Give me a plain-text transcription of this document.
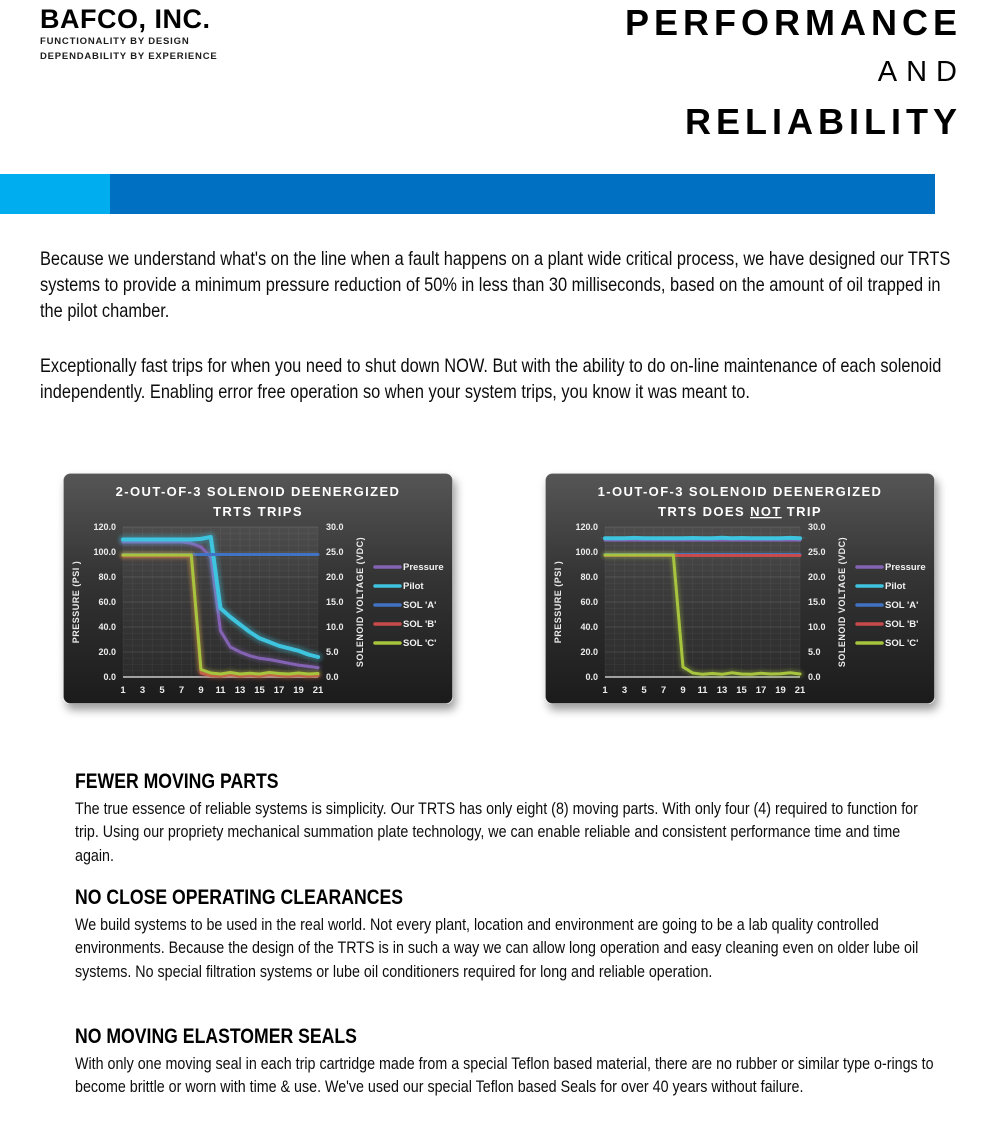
BAFCO, INC.
FUNCTIONALITY BY DESIGN
DEPENDABILITY BY EXPERIENCE
PERFORMANCE
AND
RELIABILITY
Because we understand what's on the line when a fault happens on a plant wide critical process, we have designed our TRTS systems to provide a minimum pressure reduction of 50% in less than 30 milliseconds, based on the amount of oil trapped in the pilot chamber.
Exceptionally fast trips for when you need to shut down NOW. But with the ability to do on-line maintenance of each solenoid independently. Enabling error free operation so when your system trips, you know it was meant to.
2-OUT-OF-3 SOLENOID DEENERGIZED
TRTS TRIPS
120.0
100.0
80.0
60.0
40.0
20.0
0.0
30.0
25.0
20.0
15.0
10.0
5.0
0.0
1 3 5 7 9 11 13 15 17 19 21
PRESSURE (PSI )	SOLENOID VOLTAGE (VDC)	Pressure
Pilot
SOL 'A'
SOL 'B'
SOL 'C'
1-OUT-OF-3 SOLENOID DEENERGIZED
TRTS DOES NOT TRIP
120.0
100.0
80.0
60.0
40.0
20.0
0.0
30.0
25.0
20.0
15.0
10.0
5.0
0.0
1 3 5 7 9 11 13 15 17 19 21
PRESSURE (PSI )	SOLENOID VOLTAGE (VDC)	Pressure
Pilot
SOL 'A'
SOL 'B'
SOL 'C'
FEWER MOVING PARTS
The true essence of reliable systems is simplicity. Our TRTS has only eight (8) moving parts. With only four (4) required to function for trip. Using our propriety mechanical summation plate technology, we can enable reliable and consistent performance time and time again.
NO CLOSE OPERATING CLEARANCES
We build systems to be used in the real world. Not every plant, location and environment are going to be a lab quality controlled environments. Because the design of the TRTS is in such a way we can allow long operation and easy cleaning even on older lube oil systems. No special filtration systems or lube oil conditioners required for long and reliable operation.
NO MOVING ELASTOMER SEALS
With only one moving seal in each trip cartridge made from a special Teflon based material, there are no rubber or similar type o-rings to become brittle or worn with time & use. We've used our special Teflon based Seals for over 40 years without failure.
